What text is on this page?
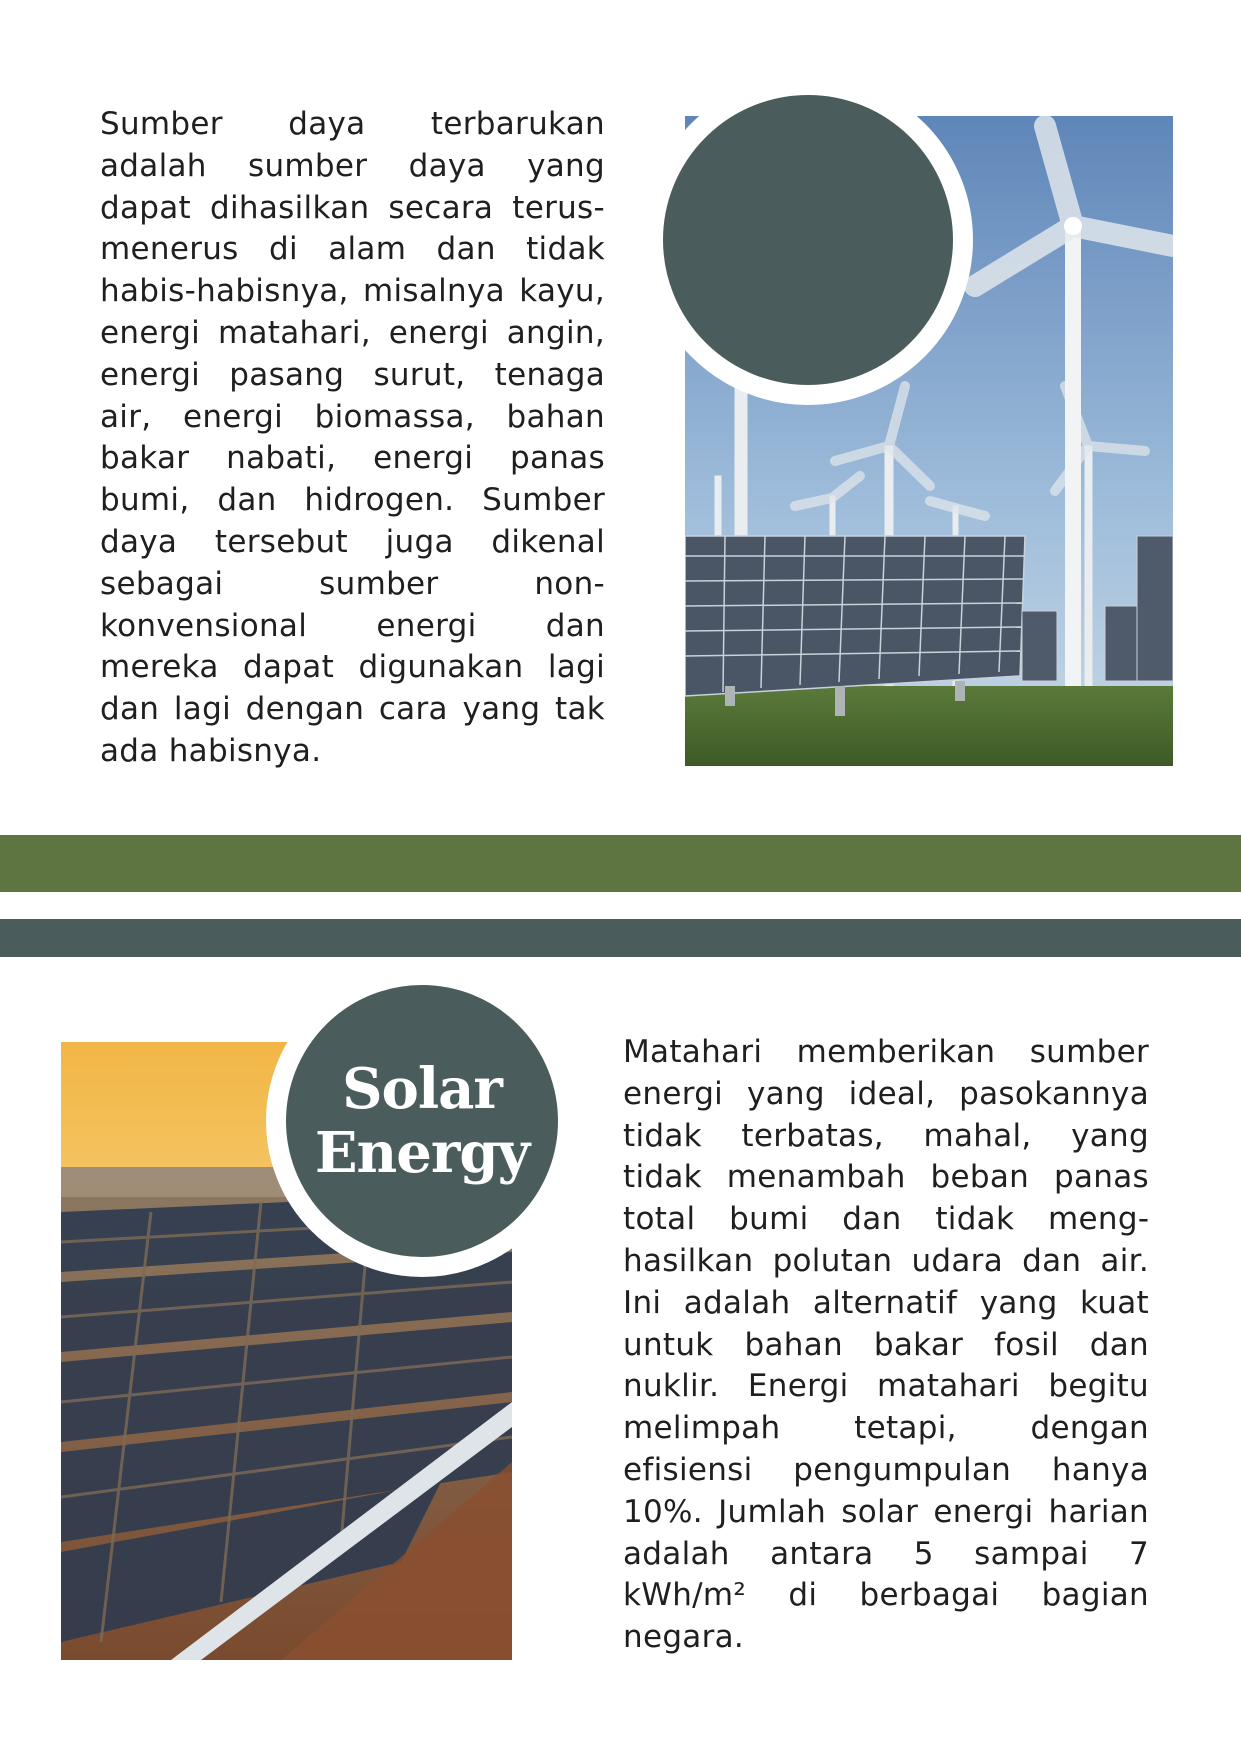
Sumber daya terbarukan adalah sumber daya yang dapat dihasilkan secara terus-menerus di alam dan tidak habis-habisnya, misalnya kayu, energi matahari, energi angin, energi pasang surut, tenaga air, energi biomassa, bahan bakar nabati, energi panas bumi, dan hidrogen. Sumber daya tersebut juga dikenal sebagai sumber non-konvensional energi dan mereka dapat digunakan lagi dan lagi dengan cara yang tak ada habisnya.

Solar
Energy

Matahari memberikan sumber energi yang ideal, pasokannya tidak terbatas, mahal, yang tidak menambah beban panas total bumi dan tidak menghasilkan polutan udara dan air. Ini adalah alternatif yang kuat untuk bahan bakar fosil dan nuklir. Energi matahari begitu melimpah tetapi, dengan efisiensi pengumpulan hanya 10%. Jumlah solar energi harian adalah antara 5 sampai 7 kWh/m² di berbagai bagian negara.
